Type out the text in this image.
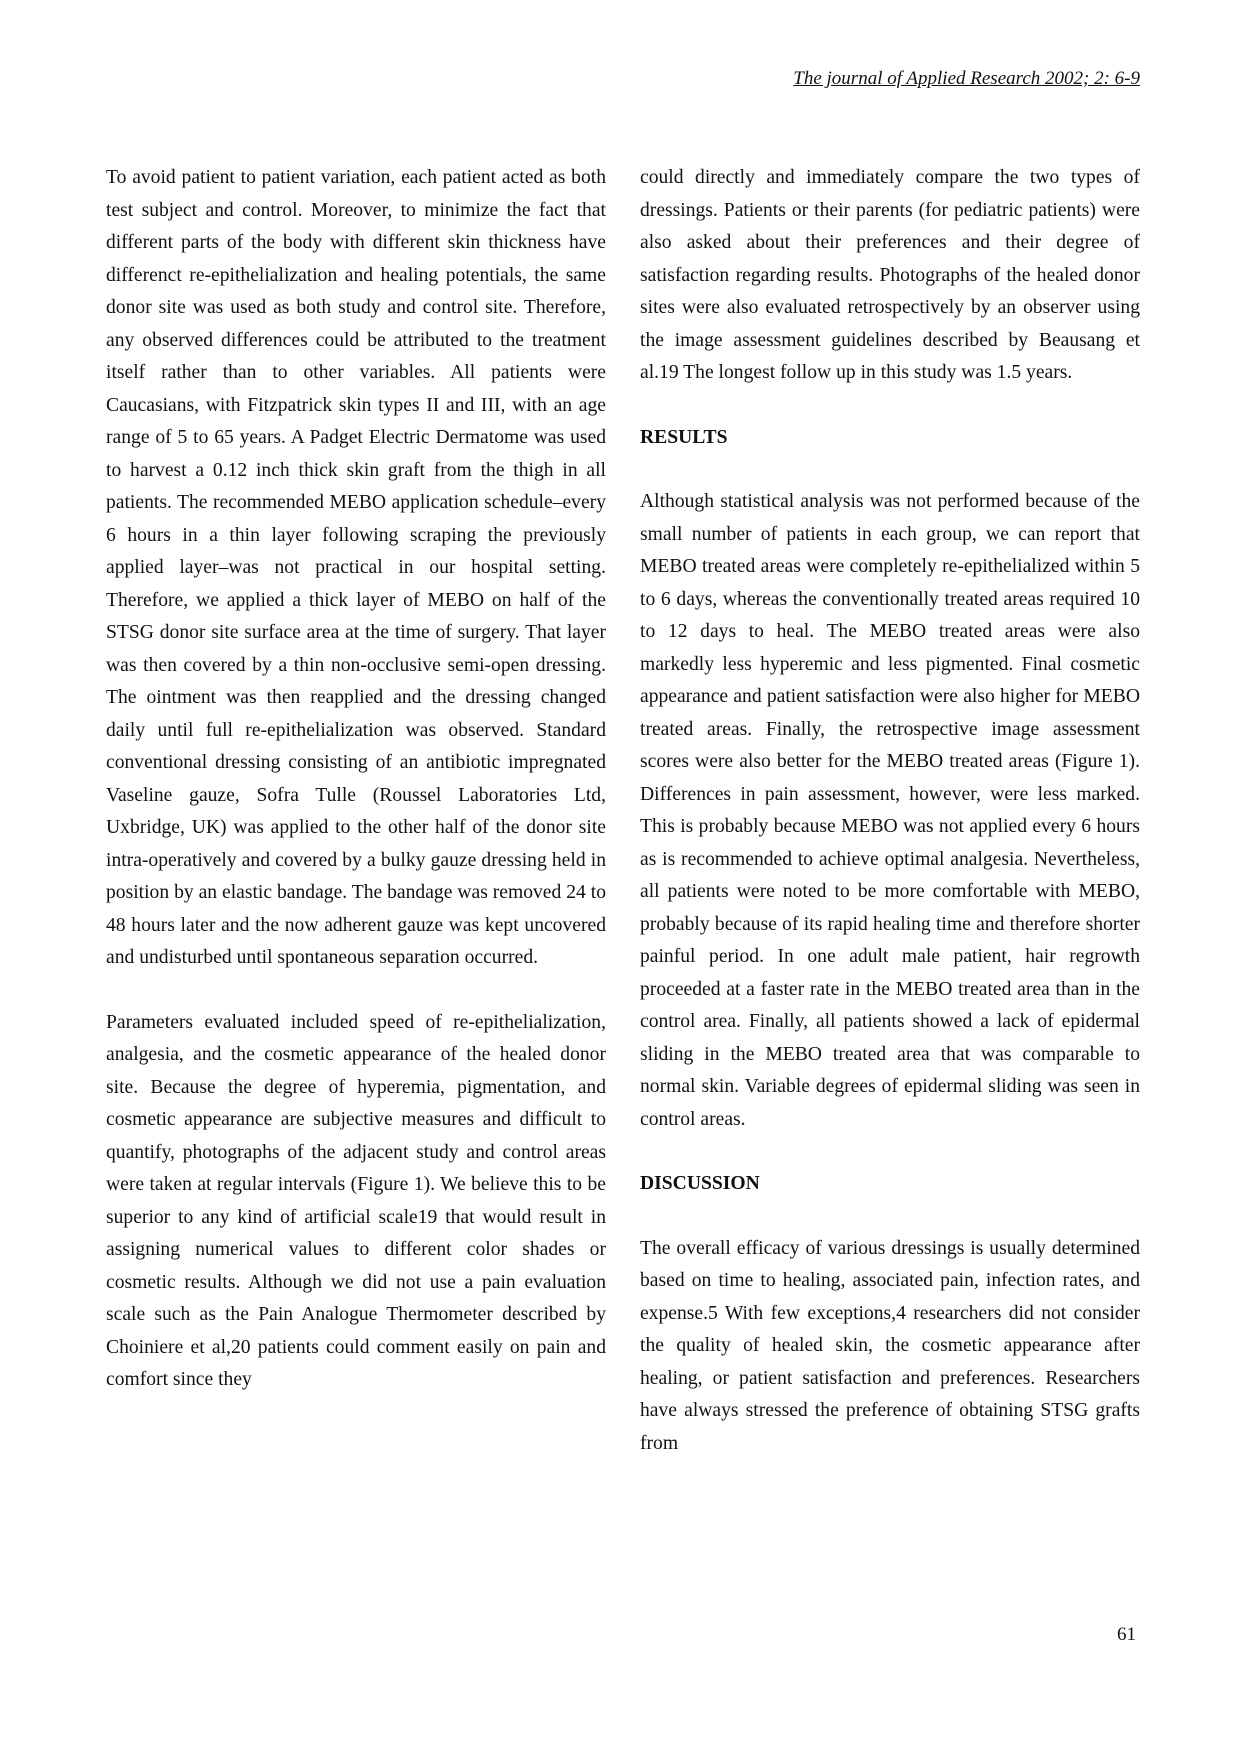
The journal of Applied Research 2002; 2: 6-9

To avoid patient to patient variation, each patient acted as both test subject and control. Moreover, to minimize the fact that different parts of the body with different skin thickness have differenct re-epithelialization and healing potentials, the same donor site was used as both study and control site. Therefore, any observed differences could be attributed to the treatment itself rather than to other variables. All patients were Caucasians, with Fitzpatrick skin types II and III, with an age range of 5 to 65 years. A Padget Electric Dermatome was used to harvest a 0.12 inch thick skin graft from the thigh in all patients. The recommended MEBO application schedule–every 6 hours in a thin layer following scraping the previously applied layer–was not practical in our hospital setting. Therefore, we applied a thick layer of MEBO on half of the STSG donor site surface area at the time of surgery. That layer was then covered by a thin non-occlusive semi-open dressing. The ointment was then reapplied and the dressing changed daily until full re-epithelialization was observed. Standard conventional dressing consisting of an antibiotic impregnated Vaseline gauze, Sofra Tulle (Roussel Laboratories Ltd, Uxbridge, UK) was applied to the other half of the donor site intra-operatively and covered by a bulky gauze dressing held in position by an elastic bandage. The bandage was removed 24 to 48 hours later and the now adherent gauze was kept uncovered and undisturbed until spontaneous separation occurred.

Parameters evaluated included speed of re-epithelialization, analgesia, and the cosmetic appearance of the healed donor site. Because the degree of hyperemia, pigmentation, and cosmetic appearance are subjective measures and difficult to quantify, photographs of the adjacent study and control areas were taken at regular intervals (Figure 1). We believe this to be superior to any kind of artificial scale19 that would result in assigning numerical values to different color shades or cosmetic results. Although we did not use a pain evaluation scale such as the Pain Analogue Thermometer described by Choiniere et al,20 patients could comment easily on pain and comfort since they

could directly and immediately compare the two types of dressings. Patients or their parents (for pediatric patients) were also asked about their preferences and their degree of satisfaction regarding results. Photographs of the healed donor sites were also evaluated retrospectively by an observer using the image assessment guidelines described by Beausang et al.19 The longest follow up in this study was 1.5 years.

RESULTS

Although statistical analysis was not performed because of the small number of patients in each group, we can report that MEBO treated areas were completely re-epithelialized within 5 to 6 days, whereas the conventionally treated areas required 10 to 12 days to heal. The MEBO treated areas were also markedly less hyperemic and less pigmented. Final cosmetic appearance and patient satisfaction were also higher for MEBO treated areas. Finally, the retrospective image assessment scores were also better for the MEBO treated areas (Figure 1). Differences in pain assessment, however, were less marked. This is probably because MEBO was not applied every 6 hours as is recommended to achieve optimal analgesia. Nevertheless, all patients were noted to be more comfortable with MEBO, probably because of its rapid healing time and therefore shorter painful period. In one adult male patient, hair regrowth proceeded at a faster rate in the MEBO treated area than in the control area. Finally, all patients showed a lack of epidermal sliding in the MEBO treated area that was comparable to normal skin. Variable degrees of epidermal sliding was seen in control areas.

DISCUSSION

The overall efficacy of various dressings is usually determined based on time to healing, associated pain, infection rates, and expense.5 With few exceptions,4 researchers did not consider the quality of healed skin, the cosmetic appearance after healing, or patient satisfaction and preferences. Researchers have always stressed the preference of obtaining STSG grafts from

61
